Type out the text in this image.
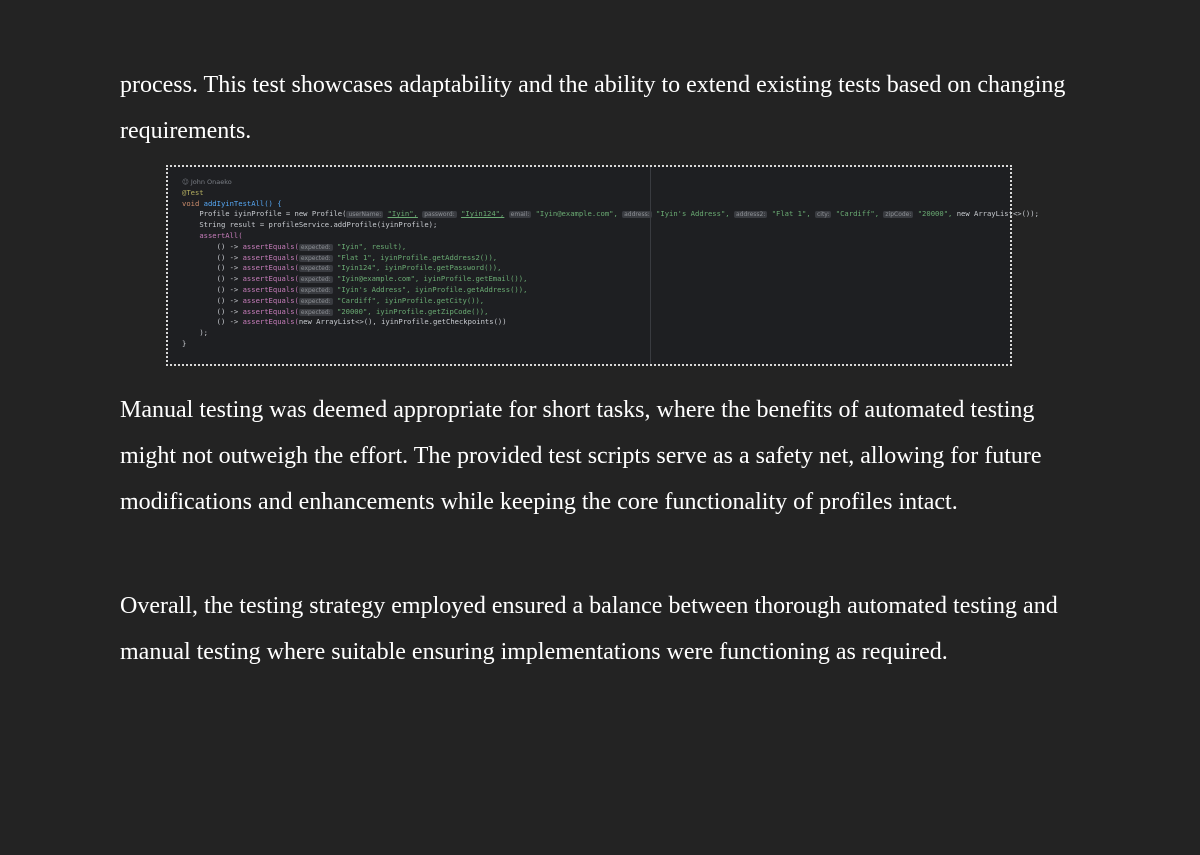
process. This test showcases adaptability and the ability to extend existing tests based on changing requirements.

☺ John Onaeko
@Test
void addIyinTestAll() {
Profile iyinProfile = new Profile( userName: "Iyin", password: "Iyin124", email: "Iyin@example.com", address: "Iyin's Address", address2: "Flat 1", city: "Cardiff", zipCode: "20000", new ArrayList<>());
String result = profileService.addProfile(iyinProfile);
assertAll(
() -> assertEquals( expected: "Iyin", result),
() -> assertEquals( expected: "Flat 1", iyinProfile.getAddress2()),
() -> assertEquals( expected: "Iyin124", iyinProfile.getPassword()),
() -> assertEquals( expected: "Iyin@example.com", iyinProfile.getEmail()),
() -> assertEquals( expected: "Iyin's Address", iyinProfile.getAddress()),
() -> assertEquals( expected: "Cardiff", iyinProfile.getCity()),
() -> assertEquals( expected: "20000", iyinProfile.getZipCode()),
() -> assertEquals(new ArrayList<>(), iyinProfile.getCheckpoints())
);
}

Manual testing was deemed appropriate for short tasks, where the benefits of automated testing might not outweigh the effort. The provided test scripts serve as a safety net, allowing for future modifications and enhancements while keeping the core functionality of profiles intact.

Overall, the testing strategy employed ensured a balance between thorough automated testing and manual testing where suitable ensuring implementations were functioning as required.
